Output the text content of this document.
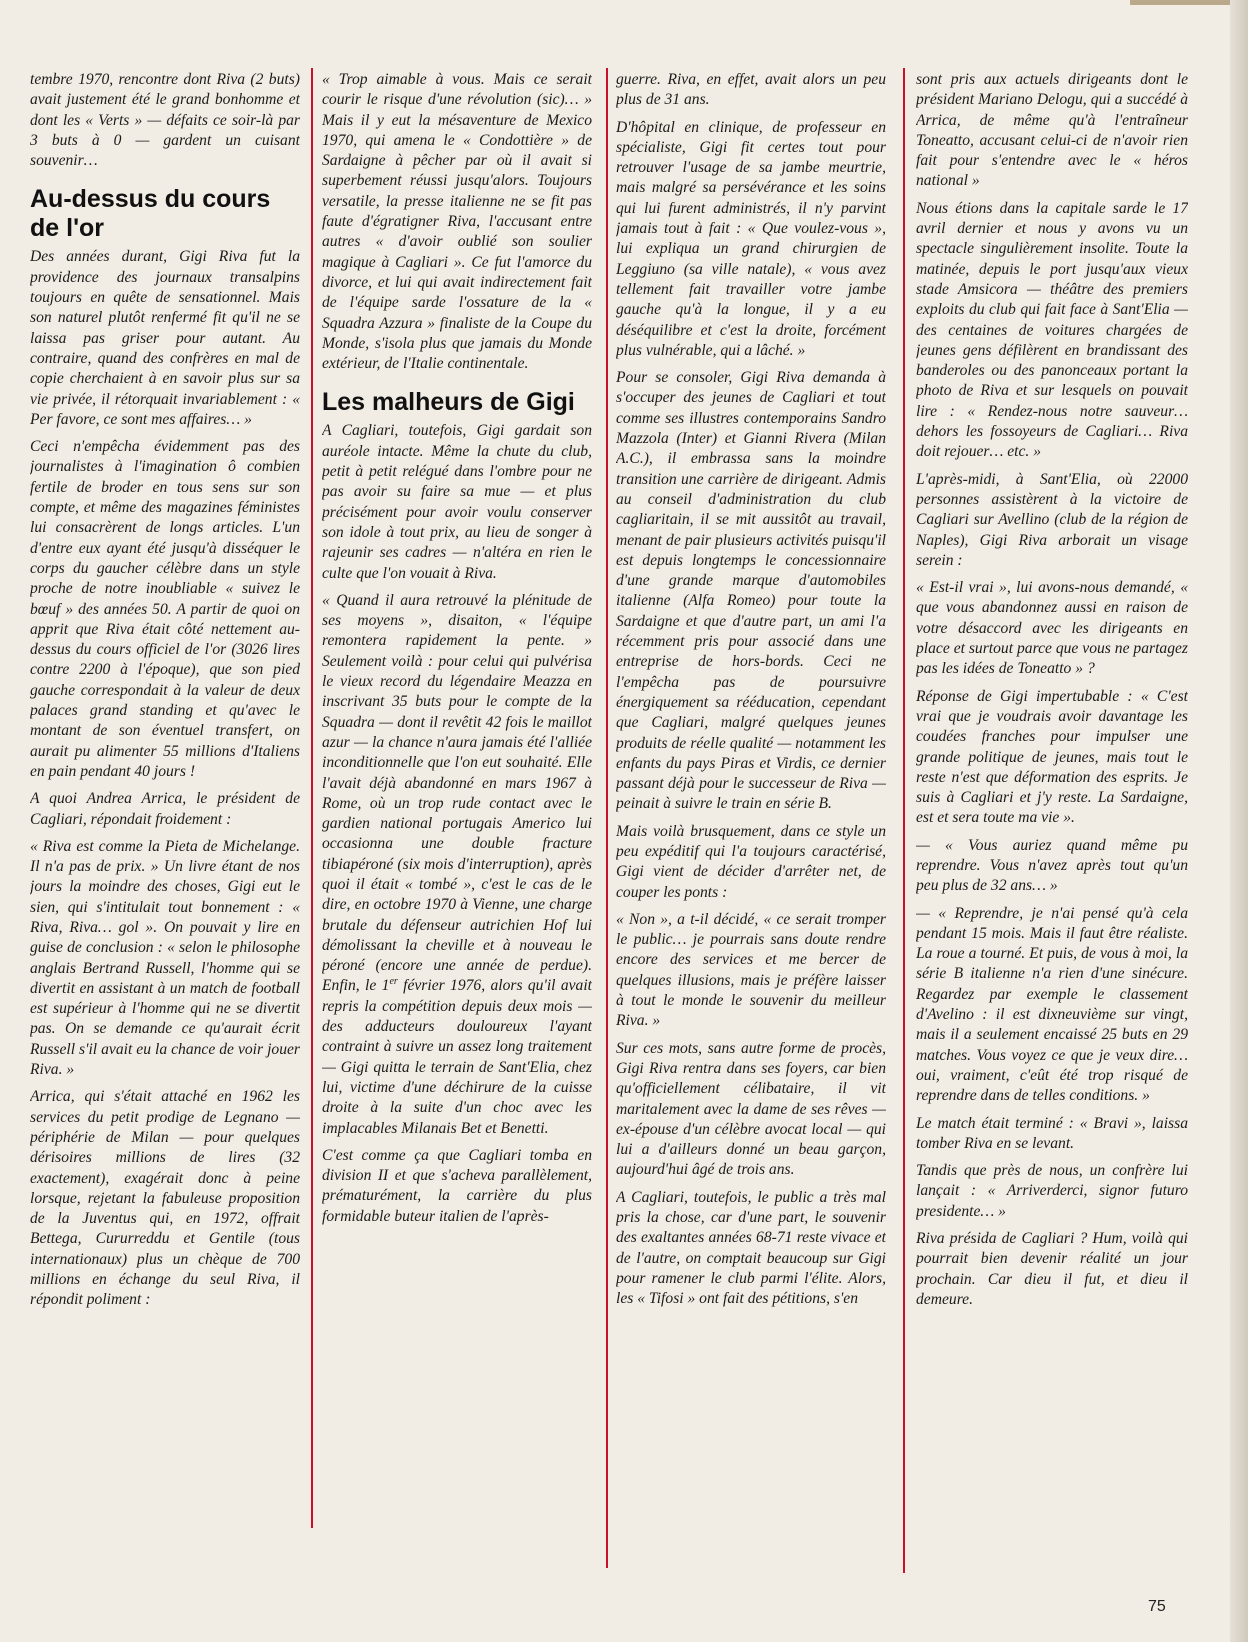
tembre 1970, rencontre dont Riva (2 buts) avait justement été le grand bonhomme et dont les « Verts » — défaits ce soir-là par 3 buts à 0 — gardent un cuisant souvenir…

Au-dessus du cours de l'or

Des années durant, Gigi Riva fut la providence des journaux transalpins toujours en quête de sensationnel. Mais son naturel plutôt renfermé fit qu'il ne se laissa pas griser pour autant. Au contraire, quand des confrères en mal de copie cherchaient à en savoir plus sur sa vie privée, il rétorquait invariablement : « Per favore, ce sont mes affaires… »

Ceci n'empêcha évidemment pas des journalistes à l'imagination ô combien fertile de broder en tous sens sur son compte, et même des magazines féministes lui consacrèrent de longs articles. L'un d'entre eux ayant été jusqu'à disséquer le corps du gaucher célèbre dans un style proche de notre inoubliable « suivez le bœuf » des années 50. A partir de quoi on apprit que Riva était côté nettement au-dessus du cours officiel de l'or (3026 lires contre 2200 à l'époque), que son pied gauche correspondait à la valeur de deux palaces grand standing et qu'avec le montant de son éventuel transfert, on aurait pu alimenter 55 millions d'Italiens en pain pendant 40 jours !

A quoi Andrea Arrica, le président de Cagliari, répondait froidement :

« Riva est comme la Pieta de Michelange. Il n'a pas de prix. » Un livre étant de nos jours la moindre des choses, Gigi eut le sien, qui s'intitulait tout bonnement : « Riva, Riva… gol ». On pouvait y lire en guise de conclusion : « selon le philosophe anglais Bertrand Russell, l'homme qui se divertit en assistant à un match de football est supérieur à l'homme qui ne se divertit pas. On se demande ce qu'aurait écrit Russell s'il avait eu la chance de voir jouer Riva. »

Arrica, qui s'était attaché en 1962 les services du petit prodige de Legnano — périphérie de Milan — pour quelques dérisoires millions de lires (32 exactement), exagérait donc à peine lorsque, rejetant la fabuleuse proposition de la Juventus qui, en 1972, offrait Bettega, Cururreddu et Gentile (tous internationaux) plus un chèque de 700 millions en échange du seul Riva, il répondit poliment :

« Trop aimable à vous. Mais ce serait courir le risque d'une révolution (sic)… » Mais il y eut la mésaventure de Mexico 1970, qui amena le « Condottière » de Sardaigne à pêcher par où il avait si superbement réussi jusqu'alors. Toujours versatile, la presse italienne ne se fit pas faute d'égratigner Riva, l'accusant entre autres « d'avoir oublié son soulier magique à Cagliari ». Ce fut l'amorce du divorce, et lui qui avait indirectement fait de l'équipe sarde l'ossature de la « Squadra Azzura » finaliste de la Coupe du Monde, s'isola plus que jamais du Monde extérieur, de l'Italie continentale.

Les malheurs de Gigi

A Cagliari, toutefois, Gigi gardait son auréole intacte. Même la chute du club, petit à petit relégué dans l'ombre pour ne pas avoir su faire sa mue — et plus précisément pour avoir voulu conserver son idole à tout prix, au lieu de songer à rajeunir ses cadres — n'altéra en rien le culte que l'on vouait à Riva.

« Quand il aura retrouvé la plénitude de ses moyens », disaiton, « l'équipe remontera rapidement la pente. » Seulement voilà : pour celui qui pulvérisa le vieux record du légendaire Meazza en inscrivant 35 buts pour le compte de la Squadra — dont il revêtit 42 fois le maillot azur — la chance n'aura jamais été l'alliée inconditionnelle que l'on eut souhaité. Elle l'avait déjà abandonné en mars 1967 à Rome, où un trop rude contact avec le gardien national portugais Americo lui occasionna une double fracture tibiapéroné (six mois d'interruption), après quoi il était « tombé », c'est le cas de le dire, en octobre 1970 à Vienne, une charge brutale du défenseur autrichien Hof lui démolissant la cheville et à nouveau le péroné (encore une année de perdue). Enfin, le 1er février 1976, alors qu'il avait repris la compétition depuis deux mois — des adducteurs douloureux l'ayant contraint à suivre un assez long traitement — Gigi quitta le terrain de Sant'Elia, chez lui, victime d'une déchirure de la cuisse droite à la suite d'un choc avec les implacables Milanais Bet et Benetti.

C'est comme ça que Cagliari tomba en division II et que s'acheva parallèlement, prématurément, la carrière du plus formidable buteur italien de l'après-

guerre. Riva, en effet, avait alors un peu plus de 31 ans.

D'hôpital en clinique, de professeur en spécialiste, Gigi fit certes tout pour retrouver l'usage de sa jambe meurtrie, mais malgré sa persévérance et les soins qui lui furent administrés, il n'y parvint jamais tout à fait : « Que voulez-vous », lui expliqua un grand chirurgien de Leggiuno (sa ville natale), « vous avez tellement fait travailler votre jambe gauche qu'à la longue, il y a eu déséquilibre et c'est la droite, forcément plus vulnérable, qui a lâché. »

Pour se consoler, Gigi Riva demanda à s'occuper des jeunes de Cagliari et tout comme ses illustres contemporains Sandro Mazzola (Inter) et Gianni Rivera (Milan A.C.), il embrassa sans la moindre transition une carrière de dirigeant. Admis au conseil d'administration du club cagliaritain, il se mit aussitôt au travail, menant de pair plusieurs activités puisqu'il est depuis longtemps le concessionnaire d'une grande marque d'automobiles italienne (Alfa Romeo) pour toute la Sardaigne et que d'autre part, un ami l'a récemment pris pour associé dans une entreprise de hors-bords. Ceci ne l'empêcha pas de poursuivre énergiquement sa rééducation, cependant que Cagliari, malgré quelques jeunes produits de réelle qualité — notamment les enfants du pays Piras et Virdis, ce dernier passant déjà pour le successeur de Riva — peinait à suivre le train en série B.

Mais voilà brusquement, dans ce style un peu expéditif qui l'a toujours caractérisé, Gigi vient de décider d'arrêter net, de couper les ponts :

« Non », a t-il décidé, « ce serait tromper le public… je pourrais sans doute rendre encore des services et me bercer de quelques illusions, mais je préfère laisser à tout le monde le souvenir du meilleur Riva. »

Sur ces mots, sans autre forme de procès, Gigi Riva rentra dans ses foyers, car bien qu'officiellement célibataire, il vit maritalement avec la dame de ses rêves — ex-épouse d'un célèbre avocat local — qui lui a d'ailleurs donné un beau garçon, aujourd'hui âgé de trois ans.

A Cagliari, toutefois, le public a très mal pris la chose, car d'une part, le souvenir des exaltantes années 68-71 reste vivace et de l'autre, on comptait beaucoup sur Gigi pour ramener le club parmi l'élite. Alors, les « Tifosi » ont fait des pétitions, s'en

sont pris aux actuels dirigeants dont le président Mariano Delogu, qui a succédé à Arrica, de même qu'à l'entraîneur Toneatto, accusant celui-ci de n'avoir rien fait pour s'entendre avec le « héros national »

Nous étions dans la capitale sarde le 17 avril dernier et nous y avons vu un spectacle singulièrement insolite. Toute la matinée, depuis le port jusqu'aux vieux stade Amsicora — théâtre des premiers exploits du club qui fait face à Sant'Elia — des centaines de voitures chargées de jeunes gens défilèrent en brandissant des banderoles ou des panonceaux portant la photo de Riva et sur lesquels on pouvait lire : « Rendez-nous notre sauveur… dehors les fossoyeurs de Cagliari… Riva doit rejouer… etc. »

L'après-midi, à Sant'Elia, où 22000 personnes assistèrent à la victoire de Cagliari sur Avellino (club de la région de Naples), Gigi Riva arborait un visage serein :

« Est-il vrai », lui avons-nous demandé, « que vous abandonnez aussi en raison de votre désaccord avec les dirigeants en place et surtout parce que vous ne partagez pas les idées de Toneatto » ?

Réponse de Gigi impertubable : « C'est vrai que je voudrais avoir davantage les coudées franches pour impulser une grande politique de jeunes, mais tout le reste n'est que déformation des esprits. Je suis à Cagliari et j'y reste. La Sardaigne, est et sera toute ma vie ».

— « Vous auriez quand même pu reprendre. Vous n'avez après tout qu'un peu plus de 32 ans… »

— « Reprendre, je n'ai pensé qu'à cela pendant 15 mois. Mais il faut être réaliste. La roue a tourné. Et puis, de vous à moi, la série B italienne n'a rien d'une sinécure. Regardez par exemple le classement d'Avelino : il est dixneuvième sur vingt, mais il a seulement encaissé 25 buts en 29 matches. Vous voyez ce que je veux dire… oui, vraiment, c'eût été trop risqué de reprendre dans de telles conditions. »

Le match était terminé : « Bravi », laissa tomber Riva en se levant.

Tandis que près de nous, un confrère lui lançait : « Arriverderci, signor futuro presidente… »

Riva présida de Cagliari ? Hum, voilà qui pourrait bien devenir réalité un jour prochain. Car dieu il fut, et dieu il demeure.

75
